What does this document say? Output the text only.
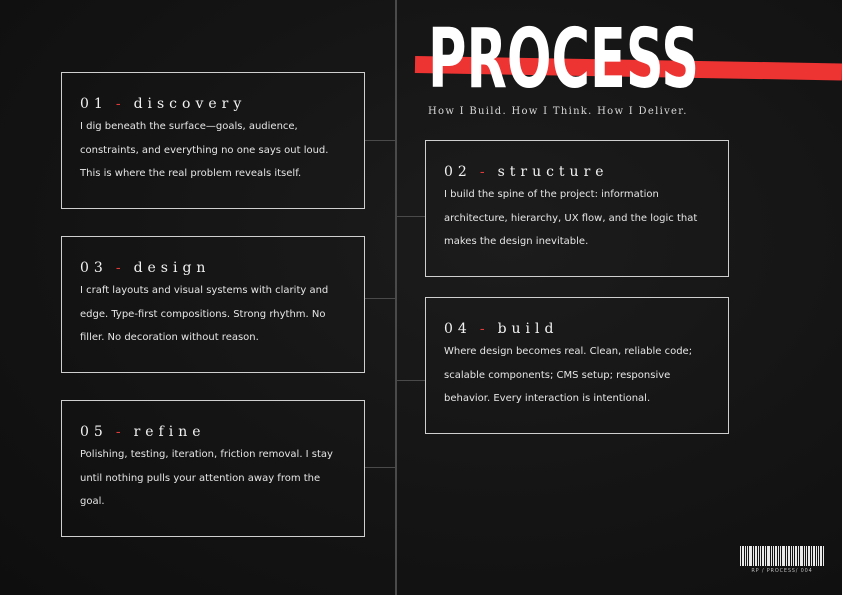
PROCESS
How I Build. How I Think. How I Deliver.
01 - discovery
I dig beneath the surface—goals, audience, constraints, and everything no one says out loud. This is where the real problem reveals itself.	02 - structure
I build the spine of the project: information architecture, hierarchy, UX flow, and the logic that makes the design inevitable.
03 - design
I craft layouts and visual systems with clarity and edge. Type-first compositions. Strong rhythm. No filler. No decoration without reason.
04 - build
Where design becomes real. Clean, reliable code; scalable components; CMS setup; responsive behavior. Every interaction is intentional.
05 - refine
Polishing, testing, iteration, friction removal. I stay until nothing pulls your attention away from the goal.
RP / PROCESS/ 004
